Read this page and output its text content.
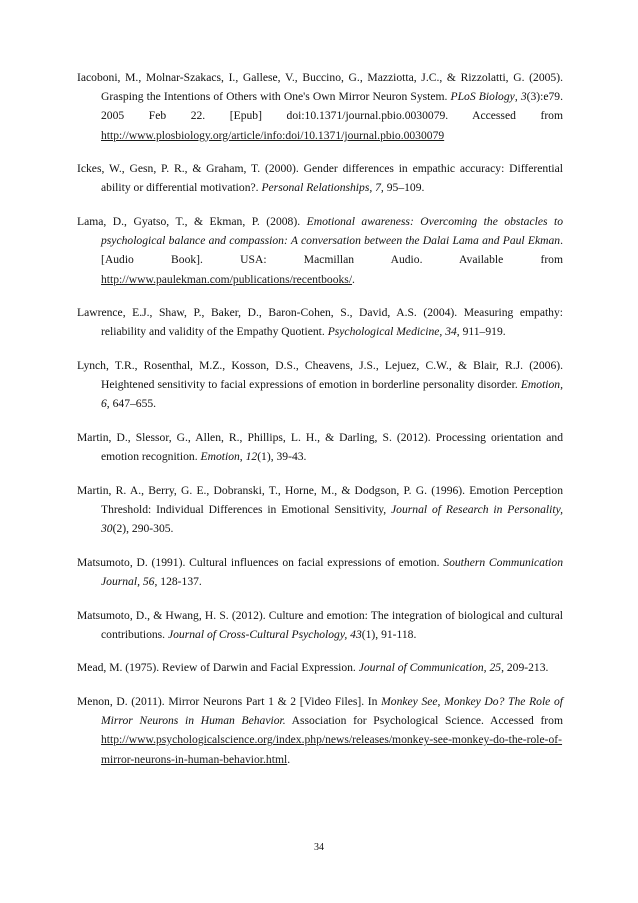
Iacoboni, M., Molnar-Szakacs, I., Gallese, V., Buccino, G., Mazziotta, J.C., & Rizzolatti, G. (2005). Grasping the Intentions of Others with One's Own Mirror Neuron System. PLoS Biology, 3(3):e79. 2005 Feb 22. [Epub] doi:10.1371/journal.pbio.0030079. Accessed from http://www.plosbiology.org/article/info:doi/10.1371/journal.pbio.0030079

Ickes, W., Gesn, P. R., & Graham, T. (2000). Gender differences in empathic accuracy: Differential ability or differential motivation?. Personal Relationships, 7, 95–109.

Lama, D., Gyatso, T., & Ekman, P. (2008). Emotional awareness: Overcoming the obstacles to psychological balance and compassion: A conversation between the Dalai Lama and Paul Ekman. [Audio Book]. USA: Macmillan Audio. Available from http://www.paulekman.com/publications/recentbooks/.

Lawrence, E.J., Shaw, P., Baker, D., Baron-Cohen, S., David, A.S. (2004). Measuring empathy: reliability and validity of the Empathy Quotient. Psychological Medicine, 34, 911–919.

Lynch, T.R., Rosenthal, M.Z., Kosson, D.S., Cheavens, J.S., Lejuez, C.W., & Blair, R.J. (2006). Heightened sensitivity to facial expressions of emotion in borderline personality disorder. Emotion, 6, 647–655.

Martin, D., Slessor, G., Allen, R., Phillips, L. H., & Darling, S. (2012). Processing orientation and emotion recognition. Emotion, 12(1), 39-43.

Martin, R. A., Berry, G. E., Dobranski, T., Horne, M., & Dodgson, P. G. (1996). Emotion Perception Threshold: Individual Differences in Emotional Sensitivity, Journal of Research in Personality, 30(2), 290-305.

Matsumoto, D. (1991). Cultural influences on facial expressions of emotion. Southern Communication Journal, 56, 128-137.

Matsumoto, D., & Hwang, H. S. (2012). Culture and emotion: The integration of biological and cultural contributions. Journal of Cross-Cultural Psychology, 43(1), 91-118.

Mead, M. (1975). Review of Darwin and Facial Expression. Journal of Communication, 25, 209-213.

Menon, D. (2011). Mirror Neurons Part 1 & 2 [Video Files]. In Monkey See, Monkey Do? The Role of Mirror Neurons in Human Behavior. Association for Psychological Science. Accessed from http://www.psychologicalscience.org/index.php/news/releases/monkey-see-monkey-do-the-role-of-mirror-neurons-in-human-behavior.html.

34
